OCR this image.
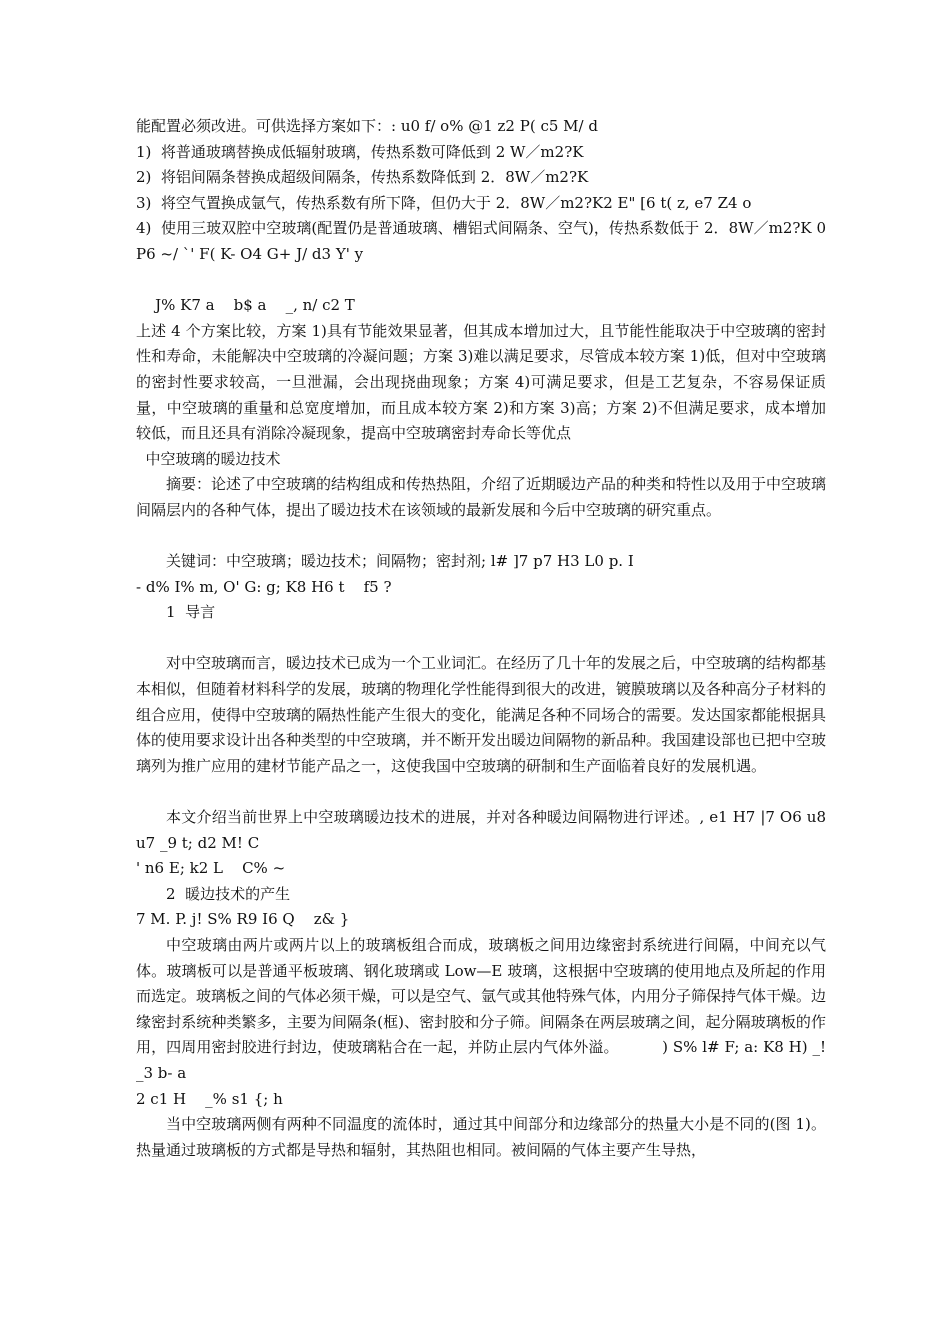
能配置必须改进。可供选择方案如下：: u0 f/ o% @1 z2 P( c5 M/ d

1)  将普通玻璃替换成低辐射玻璃，传热系数可降低到 2 W／m2?K

2)  将铝间隔条替换成超级间隔条，传热系数降低到 2．8W／m2?K

3)  将空气置换成氩气，传热系数有所下降，但仍大于 2．8W／m2?K2 E" [6 t( z, e7 Z4 o

4)  使用三玻双腔中空玻璃(配置仍是普通玻璃、槽铝式间隔条、空气)，传热系数低于 2．8W／m2?K 0 P6 ~/ `' F( K- O4 G+ J/ d3 Y' y

J% K7 a    b$ a    _, n/ c2 T

上述 4 个方案比较，方案 1)具有节能效果显著，但其成本增加过大，且节能性能取决于中空玻璃的密封性和寿命，未能解决中空玻璃的冷凝问题；方案 3)难以满足要求，尽管成本较方案 1)低，但对中空玻璃的密封性要求较高，一旦泄漏，会出现挠曲现象；方案 4)可满足要求，但是工艺复杂，不容易保证质量，中空玻璃的重量和总宽度增加，而且成本较方案 2)和方案 3)高；方案 2)不但满足要求，成本增加较低，而且还具有消除冷凝现象，提高中空玻璃密封寿命长等优点

中空玻璃的暖边技术

摘要：论述了中空玻璃的结构组成和传热热阻，介绍了近期暖边产品的种类和特性以及用于中空玻璃间隔层内的各种气体，提出了暖边技术在该领域的最新发展和今后中空玻璃的研究重点。

关键词：中空玻璃；暖边技术；间隔物；密封剂; l# ]7 p7 H3 L0 p. I

- d% I% m, O' G: g; K8 H6 t    f5 ?

1  导言

对中空玻璃而言，暖边技术已成为一个工业词汇。在经历了几十年的发展之后，中空玻璃的结构都基本相似，但随着材料科学的发展，玻璃的物理化学性能得到很大的改进，镀膜玻璃以及各种高分子材料的组合应用，使得中空玻璃的隔热性能产生很大的变化，能满足各种不同场合的需要。发达国家都能根据具体的使用要求设计出各种类型的中空玻璃，并不断开发出暖边间隔物的新品种。我国建设部也已把中空玻璃列为推广应用的建材节能产品之一，这使我国中空玻璃的研制和生产面临着良好的发展机遇。

本文介绍当前世界上中空玻璃暖边技术的进展，并对各种暖边间隔物进行评述。, e1 H7 |7 O6 u8 u7 _9 t; d2 M! C

' n6 E; k2 L    C% ~

2  暖边技术的产生

7 M. P. j! S% R9 I6 Q    z& }

中空玻璃由两片或两片以上的玻璃板组合而成，玻璃板之间用边缘密封系统进行间隔，中间充以气体。玻璃板可以是普通平板玻璃、钢化玻璃或 Low—E 玻璃，这根据中空玻璃的使用地点及所起的作用而选定。玻璃板之间的气体必须干燥，可以是空气、氩气或其他特殊气体，内用分子筛保持气体干燥。边缘密封系统种类繁多，主要为间隔条(框)、密封胶和分子筛。间隔条在两层玻璃之间，起分隔玻璃板的作用，四周用密封胶进行封边，使玻璃粘合在一起，并防止层内气体外溢。         ) S% l# F; a: K8 H) _! _3 b- a

2 c1 H    _% s1 {; h

当中空玻璃两侧有两种不同温度的流体时，通过其中间部分和边缘部分的热量大小是不同的(图 1)。热量通过玻璃板的方式都是导热和辐射，其热阻也相同。被间隔的气体主要产生导热，
